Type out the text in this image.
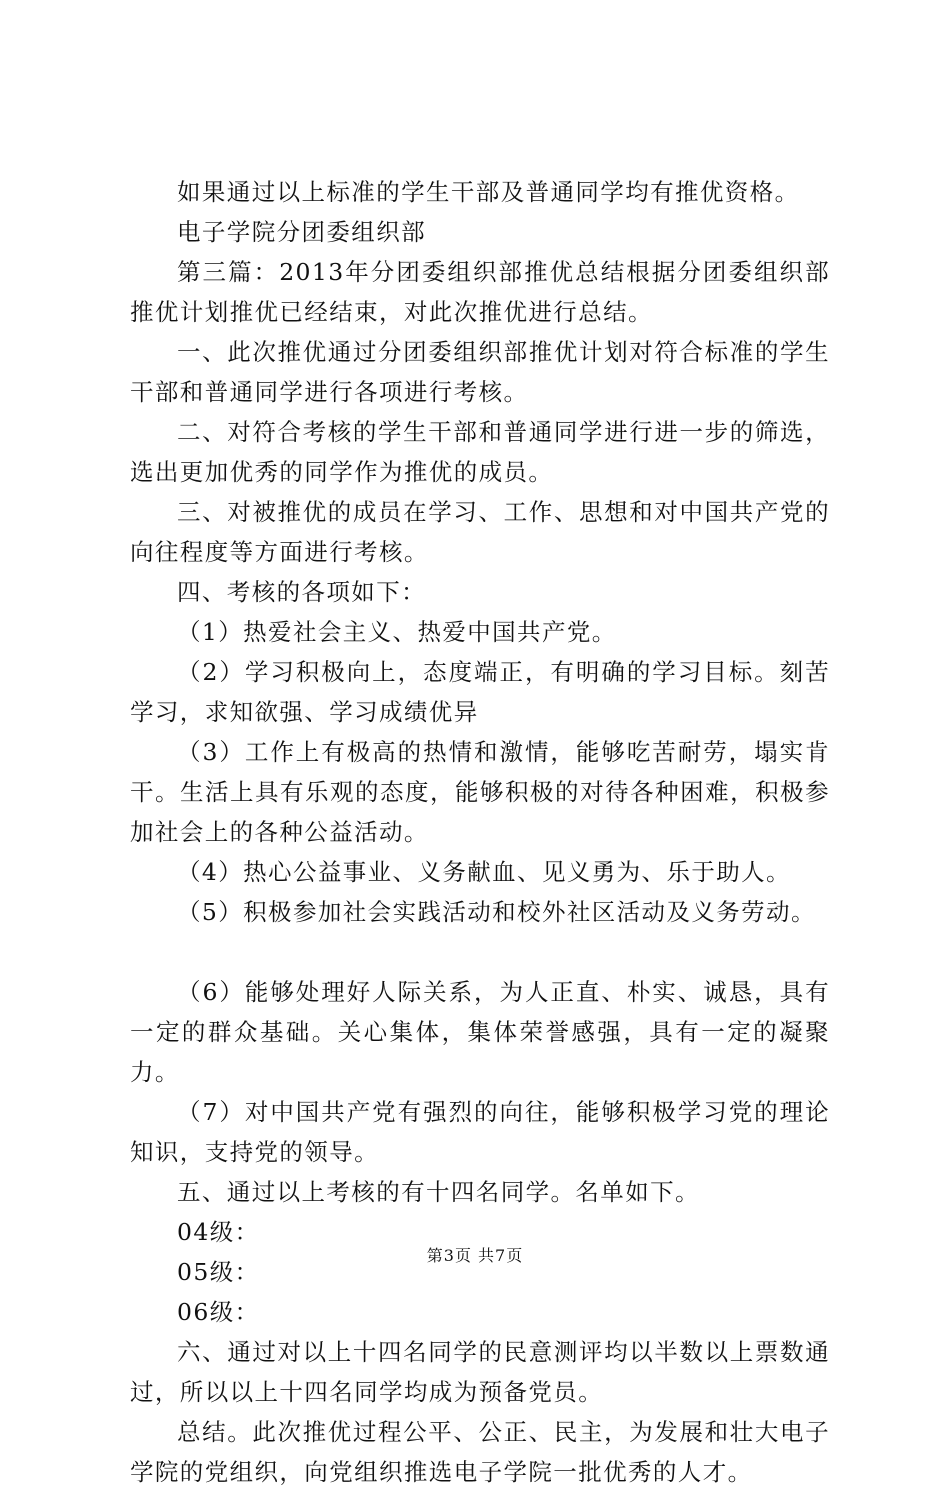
如果通过以上标准的学生干部及普通同学均有推优资格。

电子学院分团委组织部

第三篇：2013年分团委组织部推优总结根据分团委组织部推优计划推优已经结束，对此次推优进行总结。

一、此次推优通过分团委组织部推优计划对符合标准的学生干部和普通同学进行各项进行考核。

二、对符合考核的学生干部和普通同学进行进一步的筛选，选出更加优秀的同学作为推优的成员。

三、对被推优的成员在学习、工作、思想和对中国共产党的向往程度等方面进行考核。

四、考核的各项如下：

（1）热爱社会主义、热爱中国共产党。

（2）学习积极向上，态度端正，有明确的学习目标。刻苦学习，求知欲强、学习成绩优异

（3）工作上有极高的热情和激情，能够吃苦耐劳，塌实肯干。生活上具有乐观的态度，能够积极的对待各种困难，积极参加社会上的各种公益活动。

（4）热心公益事业、义务献血、见义勇为、乐于助人。

（5）积极参加社会实践活动和校外社区活动及义务劳动。

（6）能够处理好人际关系，为人正直、朴实、诚恳，具有一定的群众基础。关心集体，集体荣誉感强，具有一定的凝聚力。

（7）对中国共产党有强烈的向往，能够积极学习党的理论知识，支持党的领导。

五、通过以上考核的有十四名同学。名单如下。

04级：

05级：

06级：

六、通过对以上十四名同学的民意测评均以半数以上票数通过，所以以上十四名同学均成为预备党员。

总结。此次推优过程公平、公正、民主，为发展和壮大电子学院的党组织，向党组织推选电子学院一批优秀的人才。

第3页 共7页
